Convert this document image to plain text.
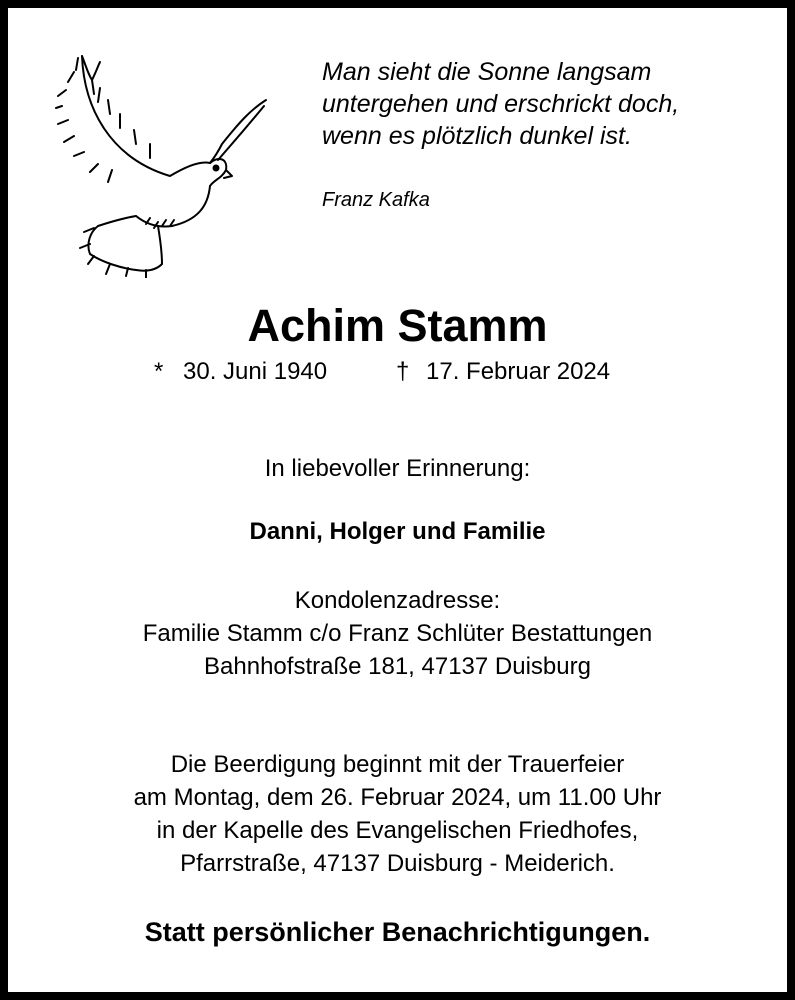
Man sieht die Sonne langsam
untergehen und erschrickt doch,
wenn es plötzlich dunkel ist.
Franz Kafka
Achim Stamm
* 30. Juni 1940	† 17. Februar 2024
In liebevoller Erinnerung:
Danni, Holger und Familie
Kondolenzadresse:
Familie Stamm c/o Franz Schlüter Bestattungen
Bahnhofstraße 181, 47137 Duisburg
Die Beerdigung beginnt mit der Trauerfeier
am Montag, dem 26. Februar 2024, um 11.00 Uhr
in der Kapelle des Evangelischen Friedhofes,
Pfarrstraße, 47137 Duisburg - Meiderich.
Statt persönlicher Benachrichtigungen.
